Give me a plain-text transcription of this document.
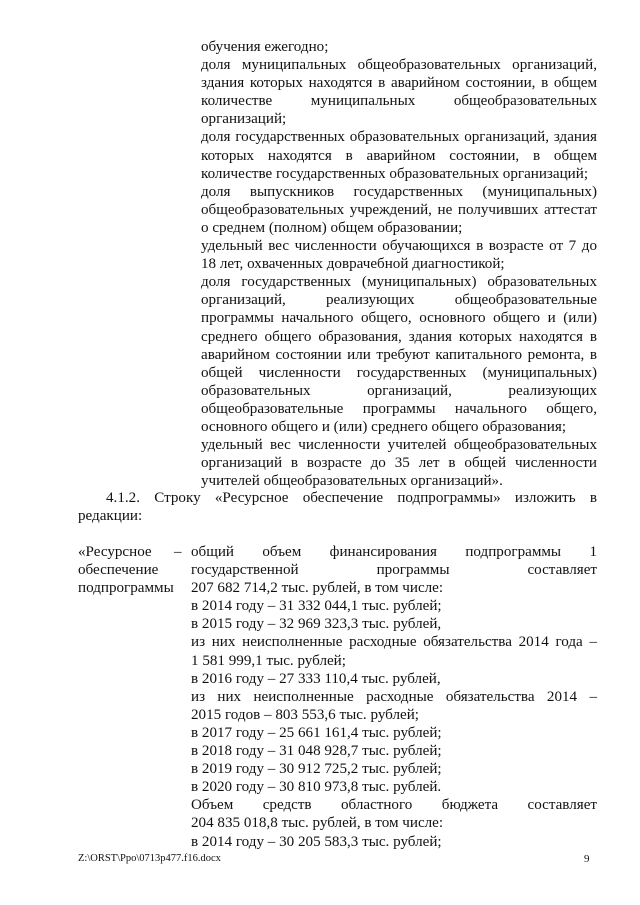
обучения ежегодно;
доля муниципальных общеобразовательных организаций,
здания которых находятся в аварийном состоянии, в общем
количестве муниципальных общеобразовательных
организаций;
доля государственных образовательных организаций, здания
которых находятся в аварийном состоянии, в общем
количестве государственных образовательных организаций;
доля выпускников государственных (муниципальных)
общеобразовательных учреждений, не получивших аттестат
о среднем (полном) общем образовании;
удельный вес численности обучающихся в возрасте от 7 до
18 лет, охваченных доврачебной диагностикой;
доля государственных (муниципальных) образовательных
организаций, реализующих общеобразовательные
программы начального общего, основного общего и (или)
среднего общего образования, здания которых находятся в
аварийном состоянии или требуют капитального ремонта, в
общей численности государственных (муниципальных)
образовательных организаций, реализующих
общеобразовательные программы начального общего,
основного общего и (или) среднего общего образования;
удельный вес численности учителей общеобразовательных
организаций в возрасте до 35 лет в общей численности
учителей общеобразовательных организаций».
4.1.2. Строку «Ресурсное обеспечение подпрограммы» изложить в
редакции:
«Ресурсное
обеспечение
подпрограммы
– общий объем финансирования подпрограммы 1
государственной программы составляет
207 682 714,2 тыс. рублей, в том числе:
в 2014 году – 31 332 044,1 тыс. рублей;
в 2015 году – 32 969 323,3 тыс. рублей,
из них неисполненные расходные обязательства 2014 года –
1 581 999,1 тыс. рублей;
в 2016 году – 27 333 110,4 тыс. рублей,
из них неисполненные расходные обязательства 2014 –
2015 годов – 803 553,6 тыс. рублей;
в 2017 году – 25 661 161,4 тыс. рублей;
в 2018 году – 31 048 928,7 тыс. рублей;
в 2019 году – 30 912 725,2 тыс. рублей;
в 2020 году – 30 810 973,8 тыс. рублей.
Объем средств областного бюджета составляет
204 835 018,8 тыс. рублей, в том числе:
в 2014 году – 30 205 583,3 тыс. рублей;
Z:\ORST\Ppo\0713p477.f16.docx	9
